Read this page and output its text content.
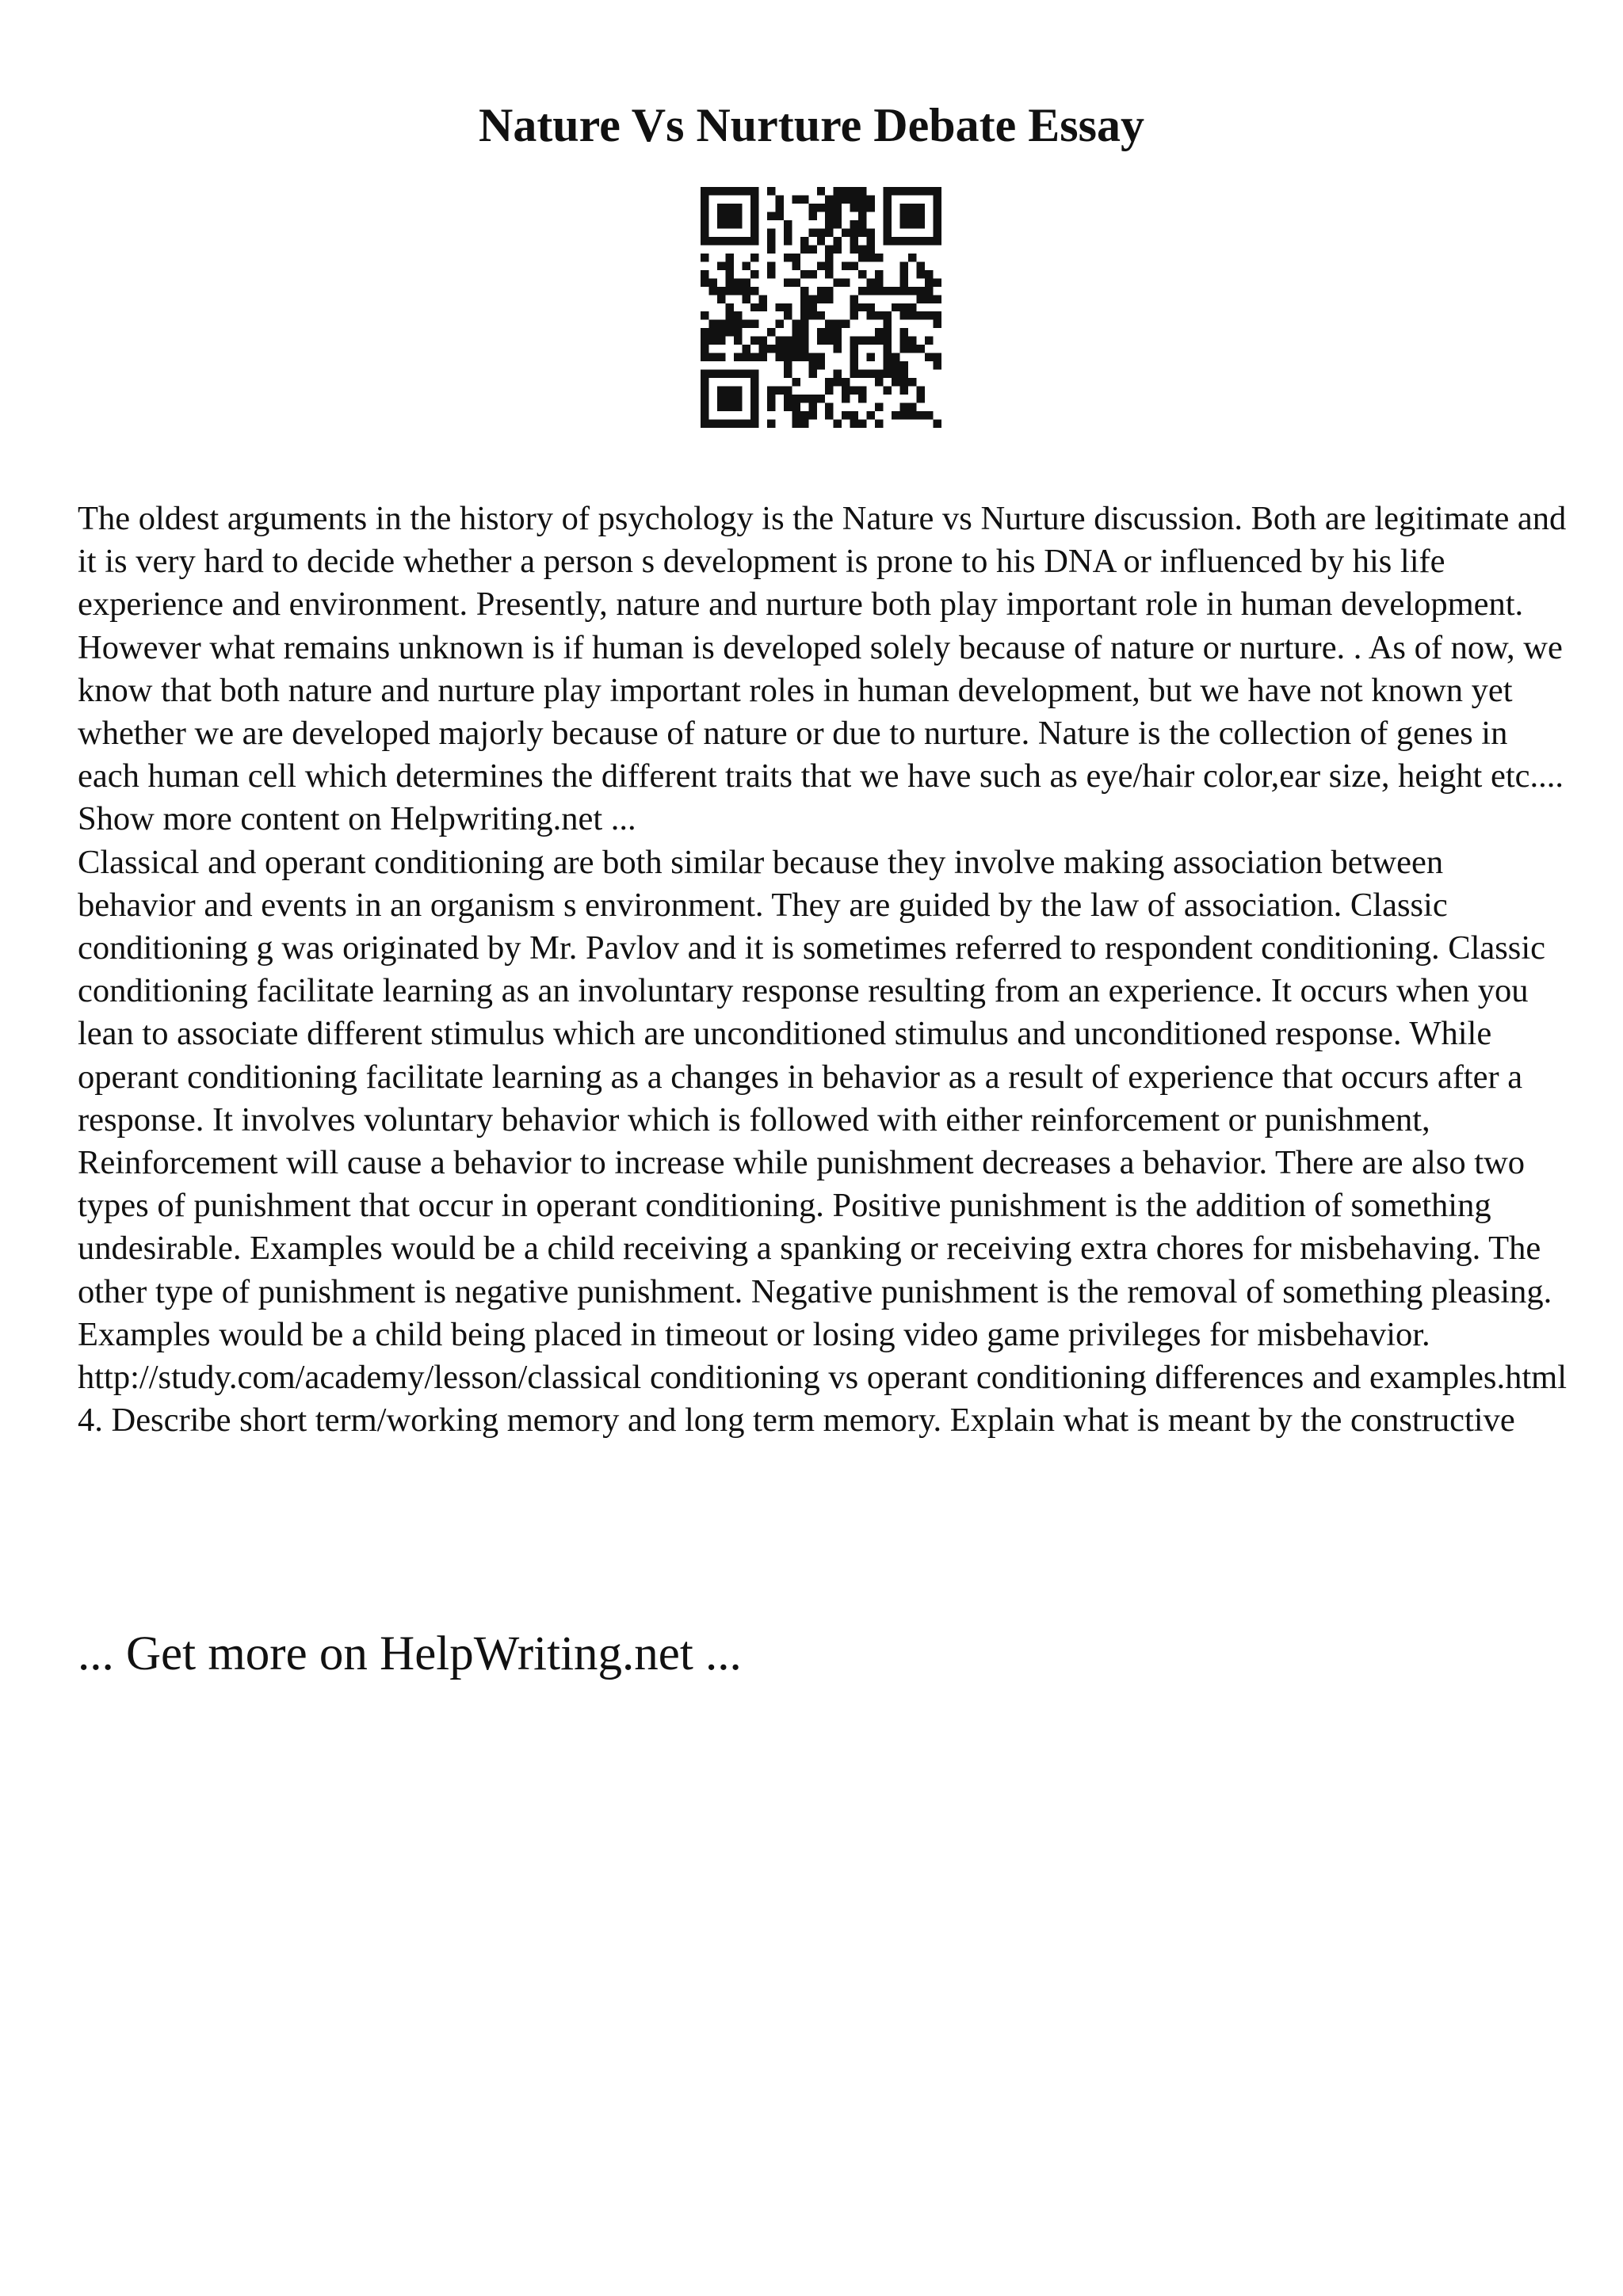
Nature Vs Nurture Debate Essay

The oldest arguments in the history of psychology is the Nature vs Nurture discussion. Both are legitimate and it is very hard to decide whether a person s development is prone to his DNA or influenced by his life experience and environment. Presently, nature and nurture both play important role in human development. However what remains unknown is if human is developed solely because of nature or nurture. . As of now, we know that both nature and nurture play important roles in human development, but we have not known yet whether we are developed majorly because of nature or due to nurture. Nature is the collection of genes in each human cell which determines the different traits that we have such as eye/hair color,ear size, height etc.... Show more content on Helpwriting.net ...

Classical and operant conditioning are both similar because they involve making association between behavior and events in an organism s environment. They are guided by the law of association. Classic conditioning g was originated by Mr. Pavlov and it is sometimes referred to respondent conditioning. Classic conditioning facilitate learning as an involuntary response resulting from an experience. It occurs when you lean to associate different stimulus which are unconditioned stimulus and unconditioned response. While operant conditioning facilitate learning as a changes in behavior as a result of experience that occurs after a response. It involves voluntary behavior which is followed with either reinforcement or punishment, Reinforcement will cause a behavior to increase while punishment decreases a behavior. There are also two types of punishment that occur in operant conditioning. Positive punishment is the addition of something undesirable. Examples would be a child receiving a spanking or receiving extra chores for misbehaving. The other type of punishment is negative punishment. Negative punishment is the removal of something pleasing. Examples would be a child being placed in timeout or losing video game privileges for misbehavior. http://study.com/academy/lesson/classical conditioning vs operant conditioning differences and examples.html 4. Describe short term/working memory and long term memory. Explain what is meant by the constructive

... Get more on HelpWriting.net ...
